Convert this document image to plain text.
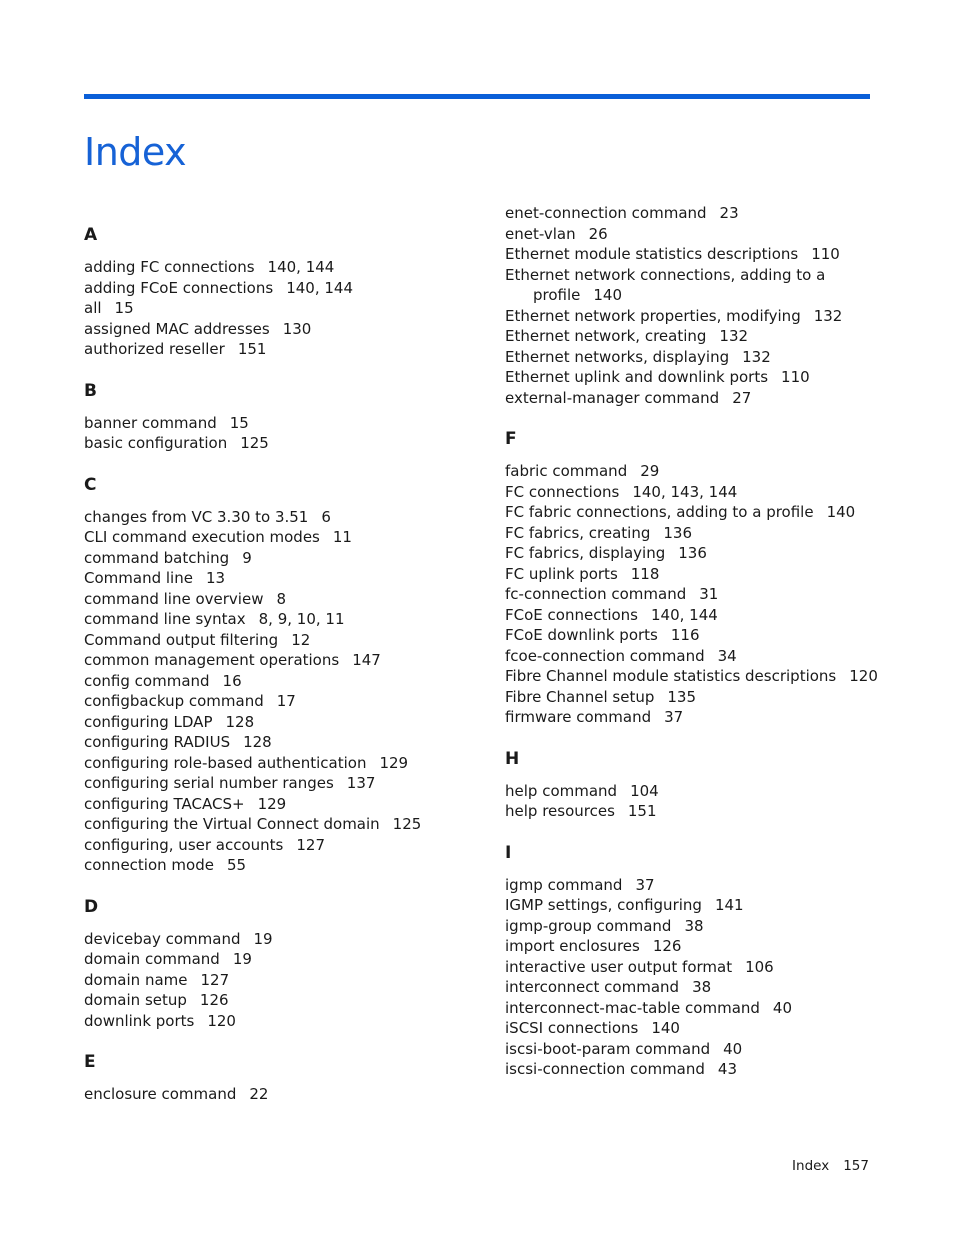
Index
A
adding FC connections 140, 144
adding FCoE connections 140, 144
all 15
assigned MAC addresses 130
authorized reseller 151
B
banner command 15
basic configuration 125
C
changes from VC 3.30 to 3.51 6
CLI command execution modes 11
command batching 9
Command line 13
command line overview 8
command line syntax 8, 9, 10, 11
Command output filtering 12
common management operations 147
config command 16
configbackup command 17
configuring LDAP 128
configuring RADIUS 128
configuring role-based authentication 129
configuring serial number ranges 137
configuring TACACS+ 129
configuring the Virtual Connect domain 125
configuring, user accounts 127
connection mode 55
D
devicebay command 19
domain command 19
domain name 127
domain setup 126
downlink ports 120
E
enclosure command 22
enet-connection command 23
enet-vlan 26
Ethernet module statistics descriptions 110
Ethernet network connections, adding to a
profile 140
Ethernet network properties, modifying 132
Ethernet network, creating 132
Ethernet networks, displaying 132
Ethernet uplink and downlink ports 110
external-manager command 27
F
fabric command 29
FC connections 140, 143, 144
FC fabric connections, adding to a profile 140
FC fabrics, creating 136
FC fabrics, displaying 136
FC uplink ports 118
fc-connection command 31
FCoE connections 140, 144
FCoE downlink ports 116
fcoe-connection command 34
Fibre Channel module statistics descriptions 120
Fibre Channel setup 135
firmware command 37
H
help command 104
help resources 151
I
igmp command 37
IGMP settings, configuring 141
igmp-group command 38
import enclosures 126
interactive user output format 106
interconnect command 38
interconnect-mac-table command 40
iSCSI connections 140
iscsi-boot-param command 40
iscsi-connection command 43
Index 157
